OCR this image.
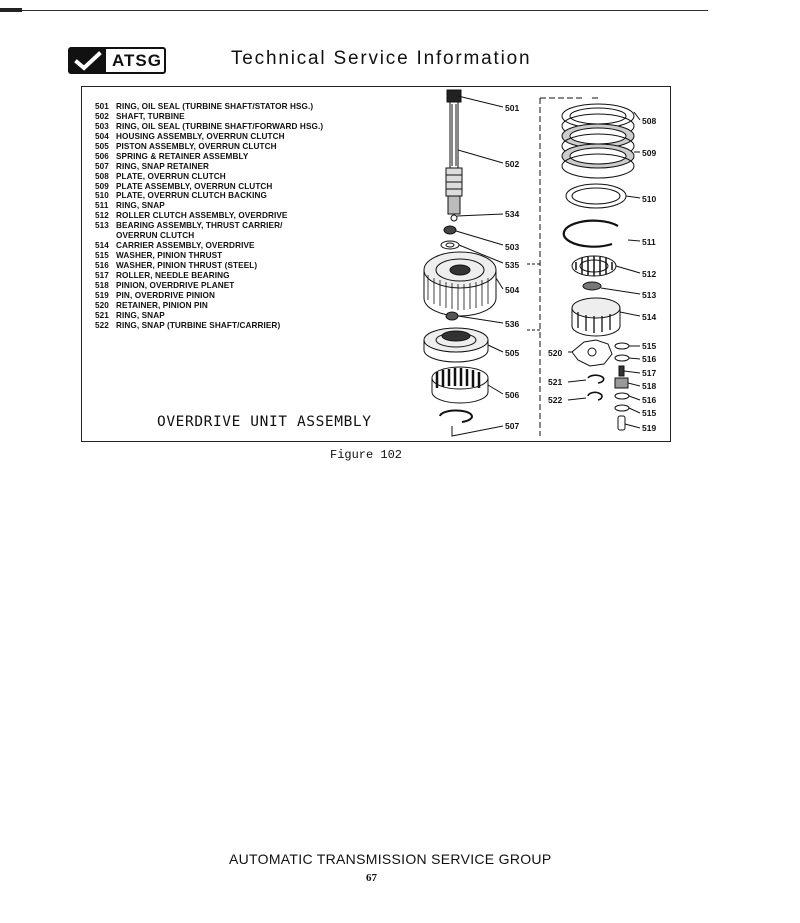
ATSG	Technical Service Information
501 RING, OIL SEAL (TURBINE SHAFT/STATOR HSG.)
502 SHAFT, TURBINE
503 RING, OIL SEAL (TURBINE SHAFT/FORWARD HSG.)
504 HOUSING ASSEMBLY, OVERRUN CLUTCH
505 PISTON ASSEMBLY, OVERRUN CLUTCH
506 SPRING & RETAINER ASSEMBLY
507 RING, SNAP RETAINER
508 PLATE, OVERRUN CLUTCH
509 PLATE ASSEMBLY, OVERRUN CLUTCH
510 PLATE, OVERRUN CLUTCH BACKING
511 RING, SNAP
512 ROLLER CLUTCH ASSEMBLY, OVERDRIVE
513 BEARING ASSEMBLY, THRUST CARRIER/
OVERRUN CLUTCH
514 CARRIER ASSEMBLY, OVERDRIVE
515 WASHER, PINION THRUST
516 WASHER, PINION THRUST (STEEL)
517 ROLLER, NEEDLE BEARING
518 PINION, OVERDRIVE PLANET
519 PIN, OVERDRIVE PINION
520 RETAINER, PINION PIN
521 RING, SNAP
522 RING, SNAP (TURBINE SHAFT/CARRIER)
OVERDRIVE UNIT ASSEMBLY
501
502
534
503
535
504
536
505
506
507
508
509
510
511
512
513
514
520
515
516
517
521	518
522	516
515
519
Figure 102
AUTOMATIC TRANSMISSION SERVICE GROUP
67
